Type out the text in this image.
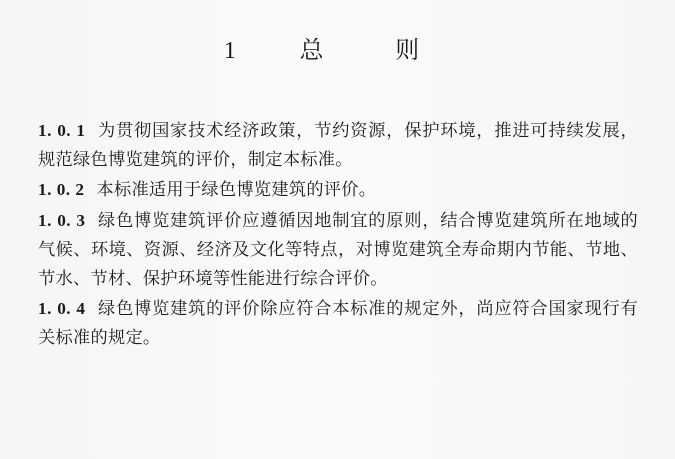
1	总	则

1. 0. 1 为贯彻国家技术经济政策，节约资源，保护环境，推进可持续发展，规范绿色博览建筑的评价，制定本标准。

1. 0. 2 本标准适用于绿色博览建筑的评价。

1. 0. 3 绿色博览建筑评价应遵循因地制宜的原则，结合博览建筑所在地域的气候、环境、资源、经济及文化等特点，对博览建筑全寿命期内节能、节地、节水、节材、保护环境等性能进行综合评价。

1. 0. 4 绿色博览建筑的评价除应符合本标准的规定外，尚应符合国家现行有关标准的规定。
